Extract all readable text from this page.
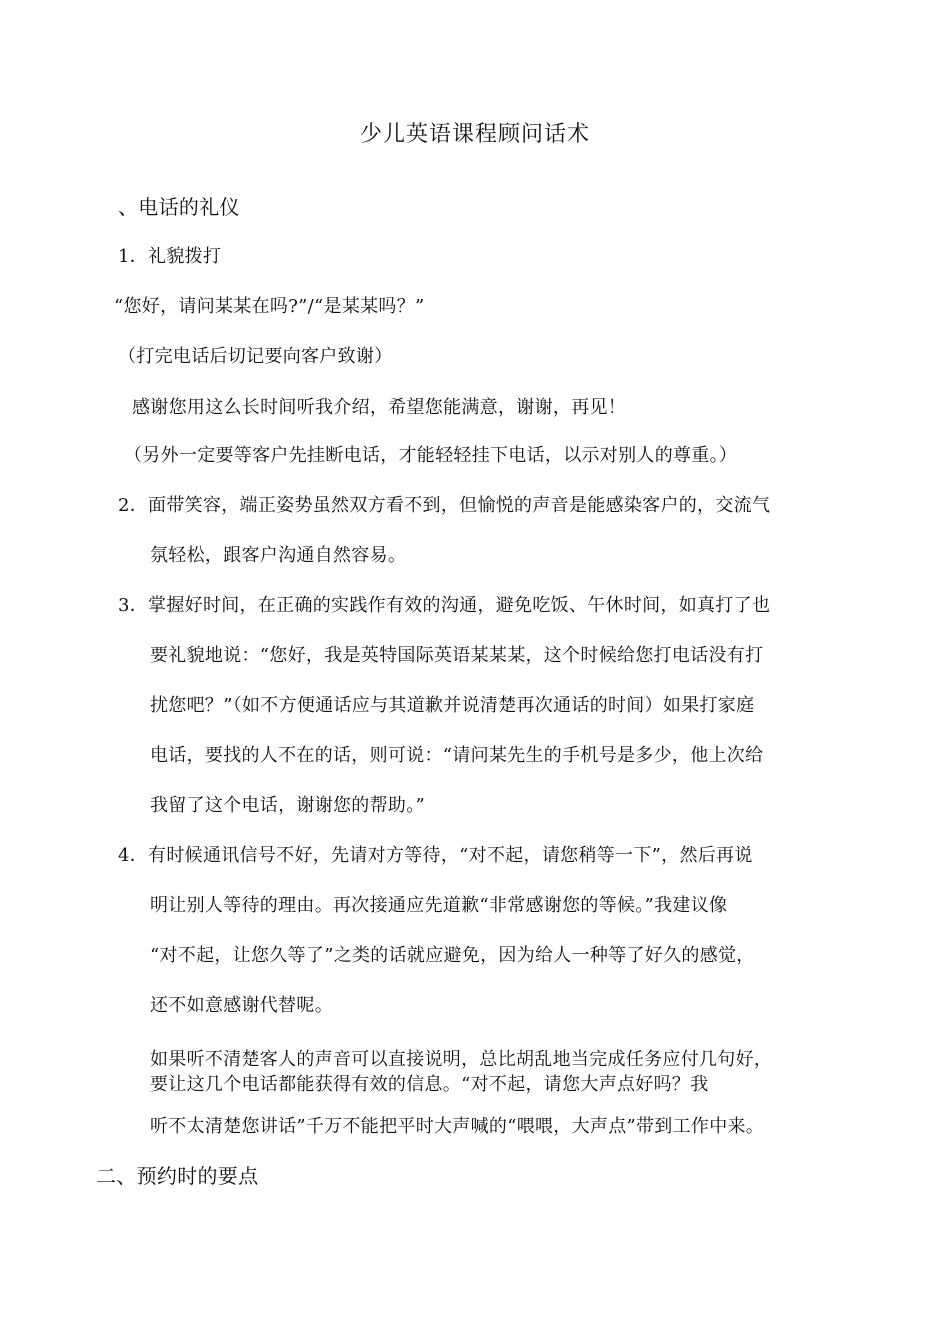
少儿英语课程顾问话术
、电话的礼仪
1．礼貌拨打
“您好，请问某某在吗?”/“是某某吗？”
（打完电话后切记要向客户致谢）
感谢您用这么长时间听我介绍，希望您能满意，谢谢，再见！
（另外一定要等客户先挂断电话，才能轻轻挂下电话，以示对别人的尊重。）
2．面带笑容，端正姿势虽然双方看不到，但愉悦的声音是能感染客户的，交流气
氛轻松，跟客户沟通自然容易。
3．掌握好时间，在正确的实践作有效的沟通，避免吃饭、午休时间，如真打了也
要礼貌地说：“您好，我是英特国际英语某某某，这个时候给您打电话没有打
扰您吧？”（如不方便通话应与其道歉并说清楚再次通话的时间）如果打家庭
电话，要找的人不在的话，则可说：“请问某先生的手机号是多少，他上次给
我留了这个电话，谢谢您的帮助。”
4．有时候通讯信号不好，先请对方等待，“对不起，请您稍等一下”，然后再说
明让别人等待的理由。再次接通应先道歉“非常感谢您的等候。”我建议像
“对不起，让您久等了”之类的话就应避免，因为给人一种等了好久的感觉，
还不如意感谢代替呢。
如果听不清楚客人的声音可以直接说明，总比胡乱地当完成任务应付几句好，
要让这几个电话都能获得有效的信息。“对不起，请您大声点好吗？我
听不太清楚您讲话”千万不能把平时大声喊的“喂喂，大声点”带到工作中来。
二、预约时的要点
